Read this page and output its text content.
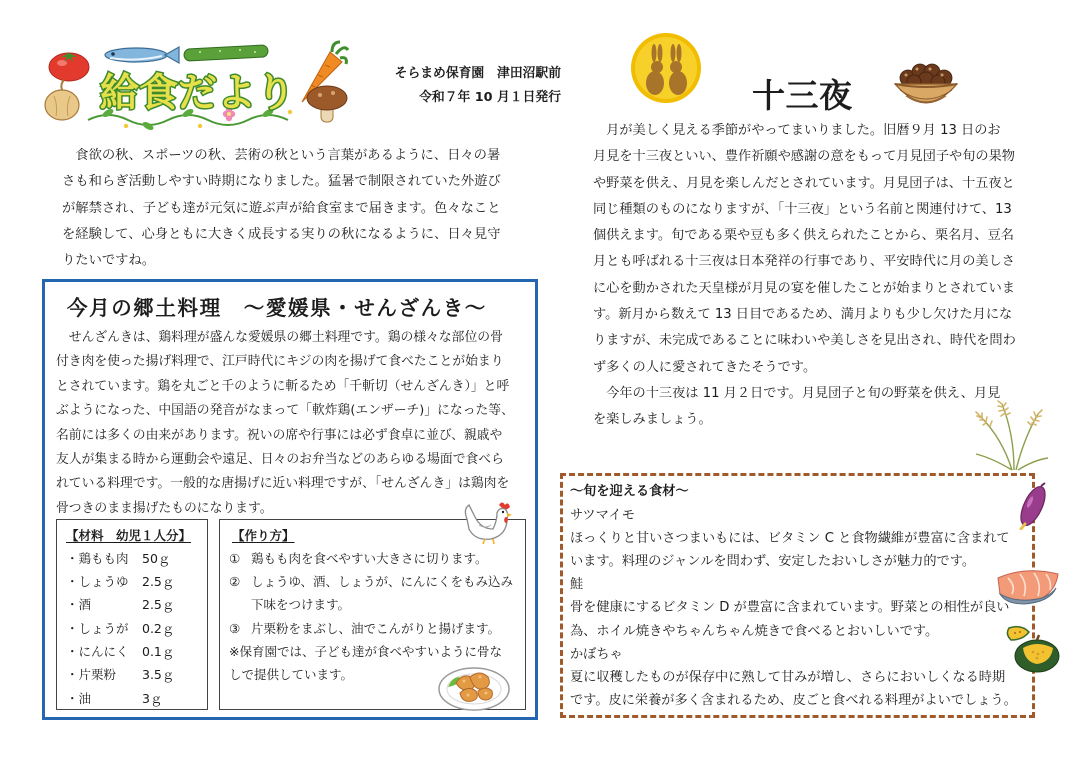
給食だより	そらまめ保育園　津田沼駅前
令和７年 10 月１日発行	十三夜
　食欲の秋、スポーツの秋、芸術の秋という言葉があるように、日々の暑
さも和らぎ活動しやすい時期になりました。猛暑で制限されていた外遊び
が解禁され、子ども達が元気に遊ぶ声が給食室まで届きます。色々なこと
を経験して、心身ともに大きく成長する実りの秋になるように、日々見守
りたいですね。
今月の郷土料理　～愛媛県・せんざんき～
　せんざんきは、鶏料理が盛んな愛媛県の郷土料理です。鶏の様々な部位の骨
付き肉を使った揚げ料理で、江戸時代にキジの肉を揚げて食べたことが始まり
とされています。鶏を丸ごと千のように斬るため「千斬切（せんざんき）」と呼
ぶようになった、中国語の発音がなまって「軟炸鶏(エンザーチ)」になった等、
名前には多くの由来があります。祝いの席や行事には必ず食卓に並び、親戚や
友人が集まる時から運動会や遠足、日々のお弁当などのあらゆる場面で食べら
れている料理です。一般的な唐揚げに近い料理ですが、「せんざんき」は鶏肉を
骨つきのまま揚げたものになります。
【材料　幼児１人分】
・鶏もも肉 50ｇ
・しょうゆ 2.5ｇ
・酒	2.5ｇ
・しょうが 0.2ｇ
・にんにく 0.1ｇ
・片栗粉 3.5ｇ
・油	3ｇ
【作り方】
① 鶏もも肉を食べやすい大きさに切ります。
② しょうゆ、酒、しょうが、にんにくをもみ込み
下味をつけます。
③ 片栗粉をまぶし、油でこんがりと揚げます。
※保育園では、子ども達が食べやすいように骨な
しで提供しています。
　月が美しく見える季節がやってまいりました。旧暦９月 13 日のお
月見を十三夜といい、豊作祈願や感謝の意をもって月見団子や旬の果物
や野菜を供え、月見を楽しんだとされています。月見団子は、十五夜と
同じ種類のものになりますが、「十三夜」という名前と関連付けて、13
個供えます。旬である栗や豆も多く供えられたことから、栗名月、豆名
月とも呼ばれる十三夜は日本発祥の行事であり、平安時代に月の美しさ
に心を動かされた天皇様が月見の宴を催したことが始まりとされていま
す。新月から数えて 13 日目であるため、満月よりも少し欠けた月にな
りますが、未完成であることに味わいや美しさを見出され、時代を問わ
ず多くの人に愛されてきたそうです。
　今年の十三夜は 11 月２日です。月見団子と旬の野菜を供え、月見
を楽しみましょう。
～旬を迎える食材～
サツマイモ
ほっくりと甘いさつまいもには、ビタミン C と食物繊維が豊富に含まれて
います。料理のジャンルを問わず、安定したおいしさが魅力的です。
鮭
骨を健康にするビタミン D が豊富に含まれています。野菜との相性が良い
為、ホイル焼きやちゃんちゃん焼きで食べるとおいしいです。
かぼちゃ
夏に収穫したものが保存中に熟して甘みが増し、さらにおいしくなる時期
です。皮に栄養が多く含まれるため、皮ごと食べれる料理がよいでしょう。
